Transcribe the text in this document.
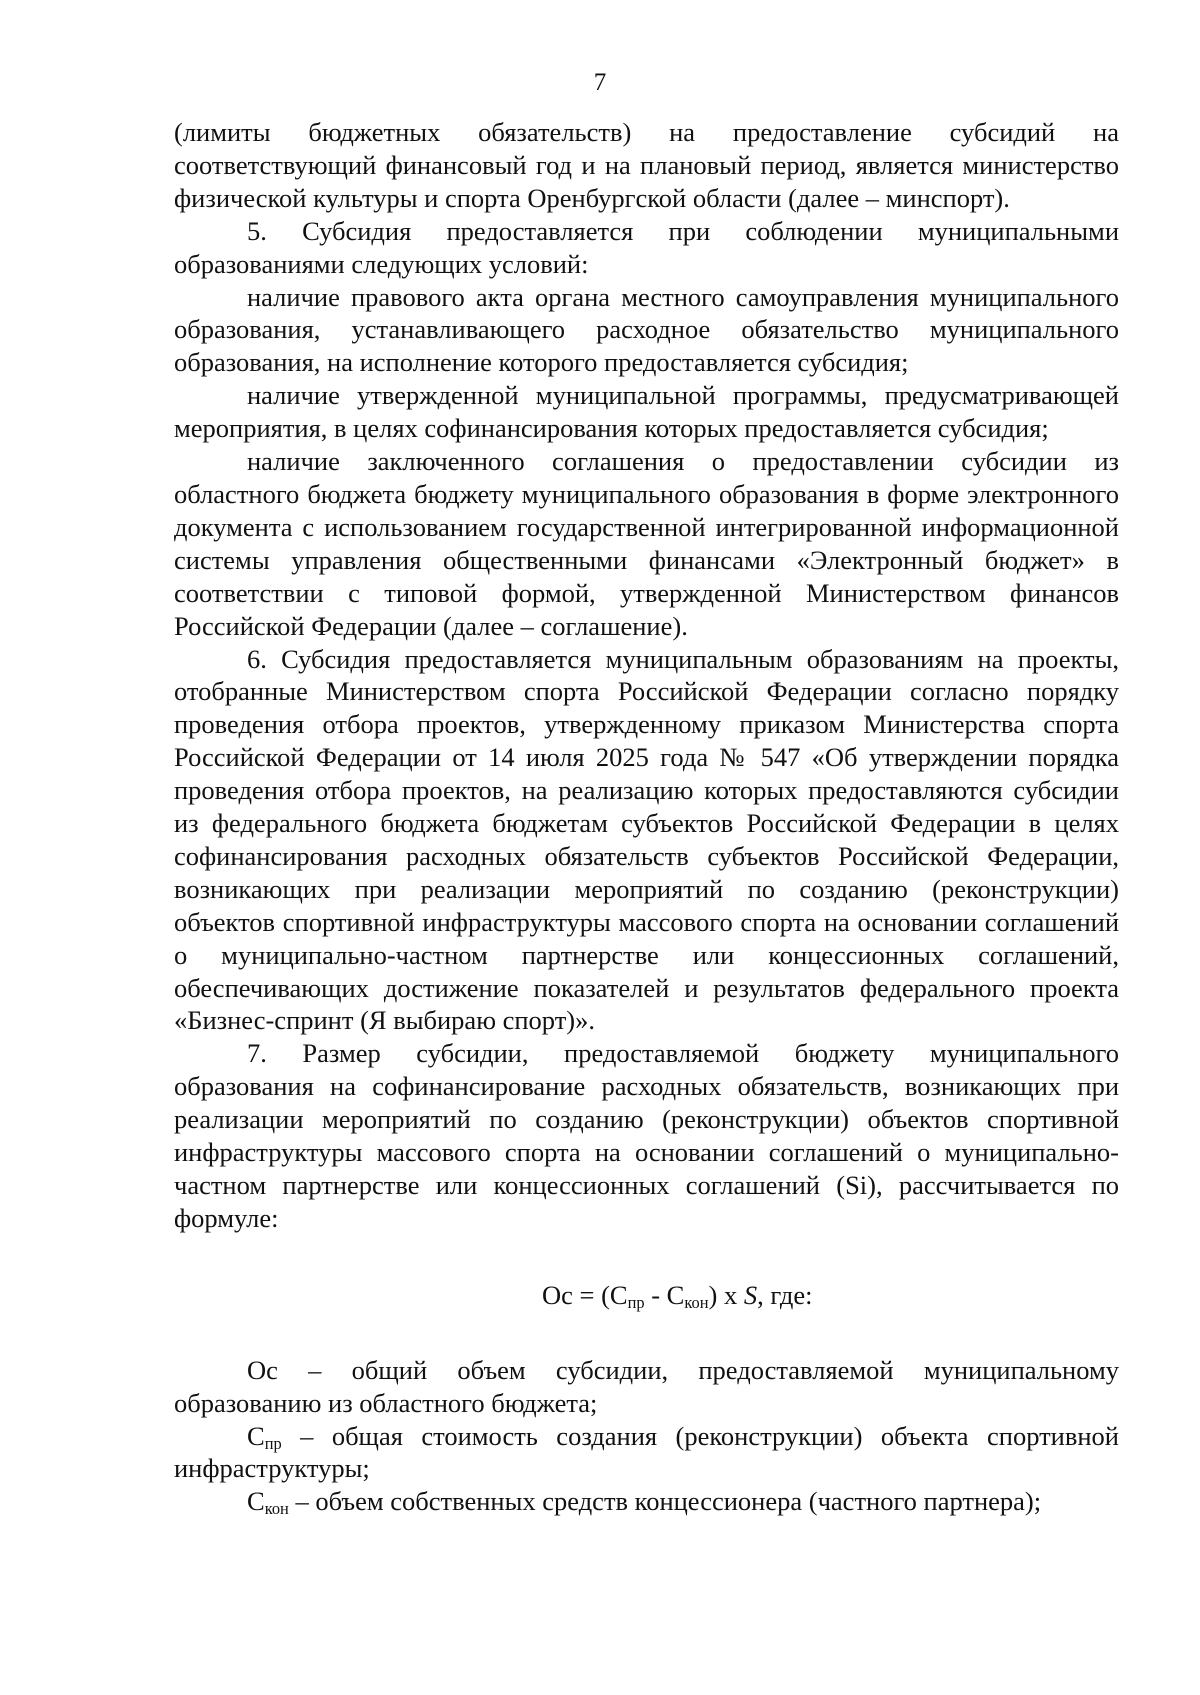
7

(лимиты бюджетных обязательств) на предоставление субсидий на соответствующий финансовый год и на плановый период, является министерство физической культуры и спорта Оренбургской области (далее – минспорт).

5. Субсидия предоставляется при соблюдении муниципальными образованиями следующих условий:

наличие правового акта органа местного самоуправления муниципального образования, устанавливающего расходное обязательство муниципального образования, на исполнение которого предоставляется субсидия;

наличие утвержденной муниципальной программы, предусматривающей мероприятия, в целях софинансирования которых предоставляется субсидия;

наличие заключенного соглашения о предоставлении субсидии из областного бюджета бюджету муниципального образования в форме электронного документа с использованием государственной интегрированной информационной системы управления общественными финансами «Электронный бюджет» в соответствии с типовой формой, утвержденной Министерством финансов Российской Федерации (далее – соглашение).

6. Субсидия предоставляется муниципальным образованиям на проекты, отобранные Министерством спорта Российской Федерации согласно порядку проведения отбора проектов, утвержденному приказом Министерства спорта Российской Федерации от 14 июля 2025 года № 547 «Об утверждении порядка проведения отбора проектов, на реализацию которых предоставляются субсидии из федерального бюджета бюджетам субъектов Российской Федерации в целях софинансирования расходных обязательств субъектов Российской Федерации, возникающих при реализации мероприятий по созданию (реконструкции) объектов спортивной инфраструктуры массового спорта на основании соглашений о муниципально-частном партнерстве или концессионных соглашений, обеспечивающих достижение показателей и результатов федерального проекта «Бизнес-спринт (Я выбираю спорт)».

7. Размер субсидии, предоставляемой бюджету муниципального образования на софинансирование расходных обязательств, возникающих при реализации мероприятий по созданию (реконструкции) объектов спортивной инфраструктуры массового спорта на основании соглашений о муниципально-частном партнерстве или концессионных соглашений (Si), рассчитывается по формуле:

$Oc = (C_{пр} - C_{кон})$ x S, где:

Oc – общий объем субсидии, предоставляемой муниципальному образованию из областного бюджета;

$C_{пр}$ – общая стоимость создания (реконструкции) объекта спортивной инфраструктуры;

$C_{кон}$ – объем собственных средств концессионера (частного партнера);
